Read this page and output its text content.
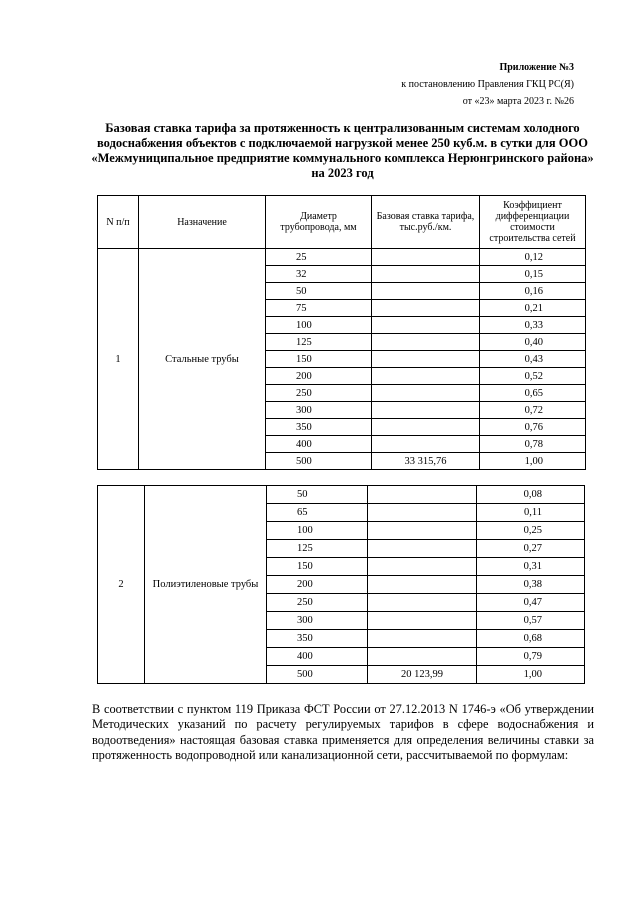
Приложение №3
к постановлению Правления ГКЦ РС(Я)
от «23» марта 2023 г. №26
Базовая ставка тарифа за протяженность к централизованным системам холодного водоснабжения объектов с подключаемой нагрузкой менее 250 куб.м. в сутки для ООО «Межмуниципальное предприятие коммунального комплекса Нерюнгринского района» на 2023 год
N п/п	Назначение	Диаметр трубопровода, мм	Базовая ставка тарифа, тыс.руб./км.	Коэффициент дифференциации стоимости строительства сетей
1	Стальные трубы	25		0,12
		32		0,15
		50		0,16
		75		0,21
		100		0,33
		125		0,40
		150		0,43
		200		0,52
		250		0,65
		300		0,72
		350		0,76
		400		0,78
		500	33 315,76	1,00
2	Полиэтиленовые трубы	50		0,08
		65		0,11
		100		0,25
		125		0,27
		150		0,31
		200		0,38
		250		0,47
		300		0,57
		350		0,68
		400		0,79
		500	20 123,99	1,00
В соответствии с пунктом 119 Приказа ФСТ России от 27.12.2013 N 1746-э «Об утверждении Методических указаний по расчету регулируемых тарифов в сфере водоснабжения и водоотведения» настоящая базовая ставка применяется для определения величины ставки за протяженность водопроводной или канализационной сети, рассчитываемой по формулам:
